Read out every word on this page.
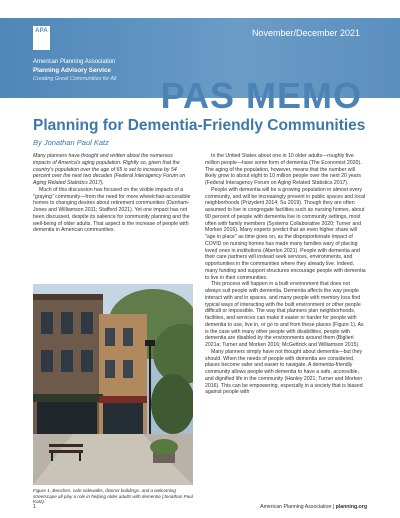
APA	November/December 2021
American Planning Association
Planning Advisory Service
Creating Great Communities for All PAS MEMO
Planning for Dementia-Friendly Communities
By Jonathan Paul Katz

Many planners have thought and written about the numerous impacts of America's aging population. Rightly so, given that the country's population over the age of 65 is set to increase by 54 percent over the next two decades (Federal Interagency Forum on Aging Related Statistics 2017).

Much of this discussion has focused on the visible impacts of a "graying" community—from the need for more wheelchair-accessible homes to changing desires about retirement communities (Dunham-Jones and Williamson 2011; Stafford 2021). Yet one impact has not been discussed, despite its salience for community planning and the well-being of older adults. That aspect is the increase of people with dementia in American communities.

Figure 1. Benches, safe sidewalks, distinct buildings, and a welcoming streetscape all play a role in helping older adults with dementia (Jonathan Paul Katz).

In the United States about one in 10 older adults—roughly five million people—have some form of dementia (The Economist 2020). The aging of the population, however, means that the number will likely grow to about eight to 10 million people over the next 20 years (Federal Interagency Forum on Aging Related Statistics 2017).

People with dementia will be a growing population in almost every community, and will be increasingly present in public spaces and local neighborhoods (Prizydent 2014; Su 2019). Though they are often assumed to live in congregate facilities such as nursing homes, about 90 percent of people with dementia live in community settings, most often with family members (Systems Collaborative 2020; Turner and Morken 2016). Many experts predict that an even higher share will "age in place" as time goes on, as the disproportionate impact of COVID on nursing homes has made many families wary of placing loved ones in institutions (Aberlon 2021). People with dementia and their care partners will instead seek services, environments, and opportunities in the communities where they already live. Indeed, many funding and support structures encourage people with dementia to live in their communities.

This process will happen in a built environment that does not always suit people with dementia. Dementia affects the way people interact with and in spaces, and many people with memory loss find typical ways of interacting with the built environment or other people difficult or impossible. The way that planners plan neighborhoods, facilities, and services can make it easier or harder for people with dementia to use, live in, or go to and from these places (Figure 1). As is the case with many other people with disabilities, people with dementia are disabled by the environments around them (Biglieri 2021a; Turner and Morken 2016; McGettrick and Williamson 2015).

Many planners simply have not thought about dementia—but they should. When the needs of people with dementia are considered, places become safer and easier to navigate. A dementia-friendly community allows people with dementia to have a safe, accessible, and dignified life in the community (Hanley 2021; Turner and Morken 2016). This can be empowering, especially in a society that is biased against people with

1	American Planning Association | planning.org
